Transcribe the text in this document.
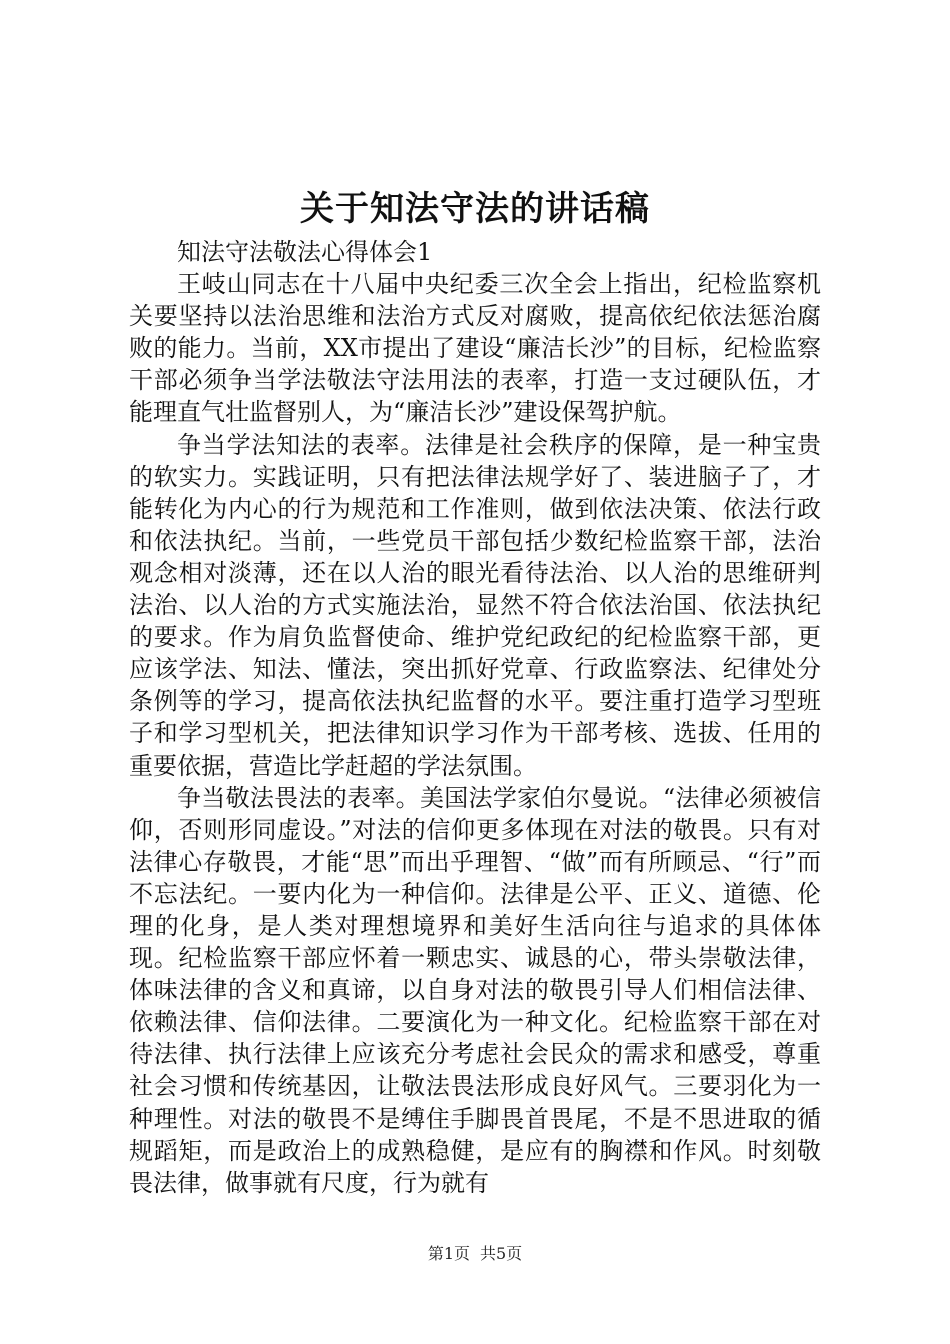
关于知法守法的讲话稿

知法守法敬法心得体会1

王岐山同志在十八届中央纪委三次全会上指出，纪检监察机关要坚持以法治思维和法治方式反对腐败，提高依纪依法惩治腐败的能力。当前，XX市提出了建设“廉洁长沙”的目标，纪检监察干部必须争当学法敬法守法用法的表率，打造一支过硬队伍，才能理直气壮监督别人，为“廉洁长沙”建设保驾护航。

争当学法知法的表率。法律是社会秩序的保障，是一种宝贵的软实力。实践证明，只有把法律法规学好了、装进脑子了，才能转化为内心的行为规范和工作准则，做到依法决策、依法行政和依法执纪。当前，一些党员干部包括少数纪检监察干部，法治观念相对淡薄，还在以人治的眼光看待法治、以人治的思维研判法治、以人治的方式实施法治，显然不符合依法治国、依法执纪的要求。作为肩负监督使命、维护党纪政纪的纪检监察干部，更应该学法、知法、懂法，突出抓好党章、行政监察法、纪律处分条例等的学习，提高依法执纪监督的水平。要注重打造学习型班子和学习型机关，把法律知识学习作为干部考核、选拔、任用的重要依据，营造比学赶超的学法氛围。

争当敬法畏法的表率。美国法学家伯尔曼说。“法律必须被信仰，否则形同虚设。”对法的信仰更多体现在对法的敬畏。只有对法律心存敬畏，才能“思”而出乎理智、“做”而有所顾忌、“行”而不忘法纪。一要内化为一种信仰。法律是公平、正义、道德、伦理的化身，是人类对理想境界和美好生活向往与追求的具体体现。纪检监察干部应怀着一颗忠实、诚恳的心，带头崇敬法律，体味法律的含义和真谛，以自身对法的敬畏引导人们相信法律、依赖法律、信仰法律。二要演化为一种文化。纪检监察干部在对待法律、执行法律上应该充分考虑社会民众的需求和感受，尊重社会习惯和传统基因，让敬法畏法形成良好风气。三要羽化为一种理性。对法的敬畏不是缚住手脚畏首畏尾，不是不思进取的循规蹈矩，而是政治上的成熟稳健，是应有的胸襟和作风。时刻敬畏法律，做事就有尺度，行为就有

第1页 共5页
